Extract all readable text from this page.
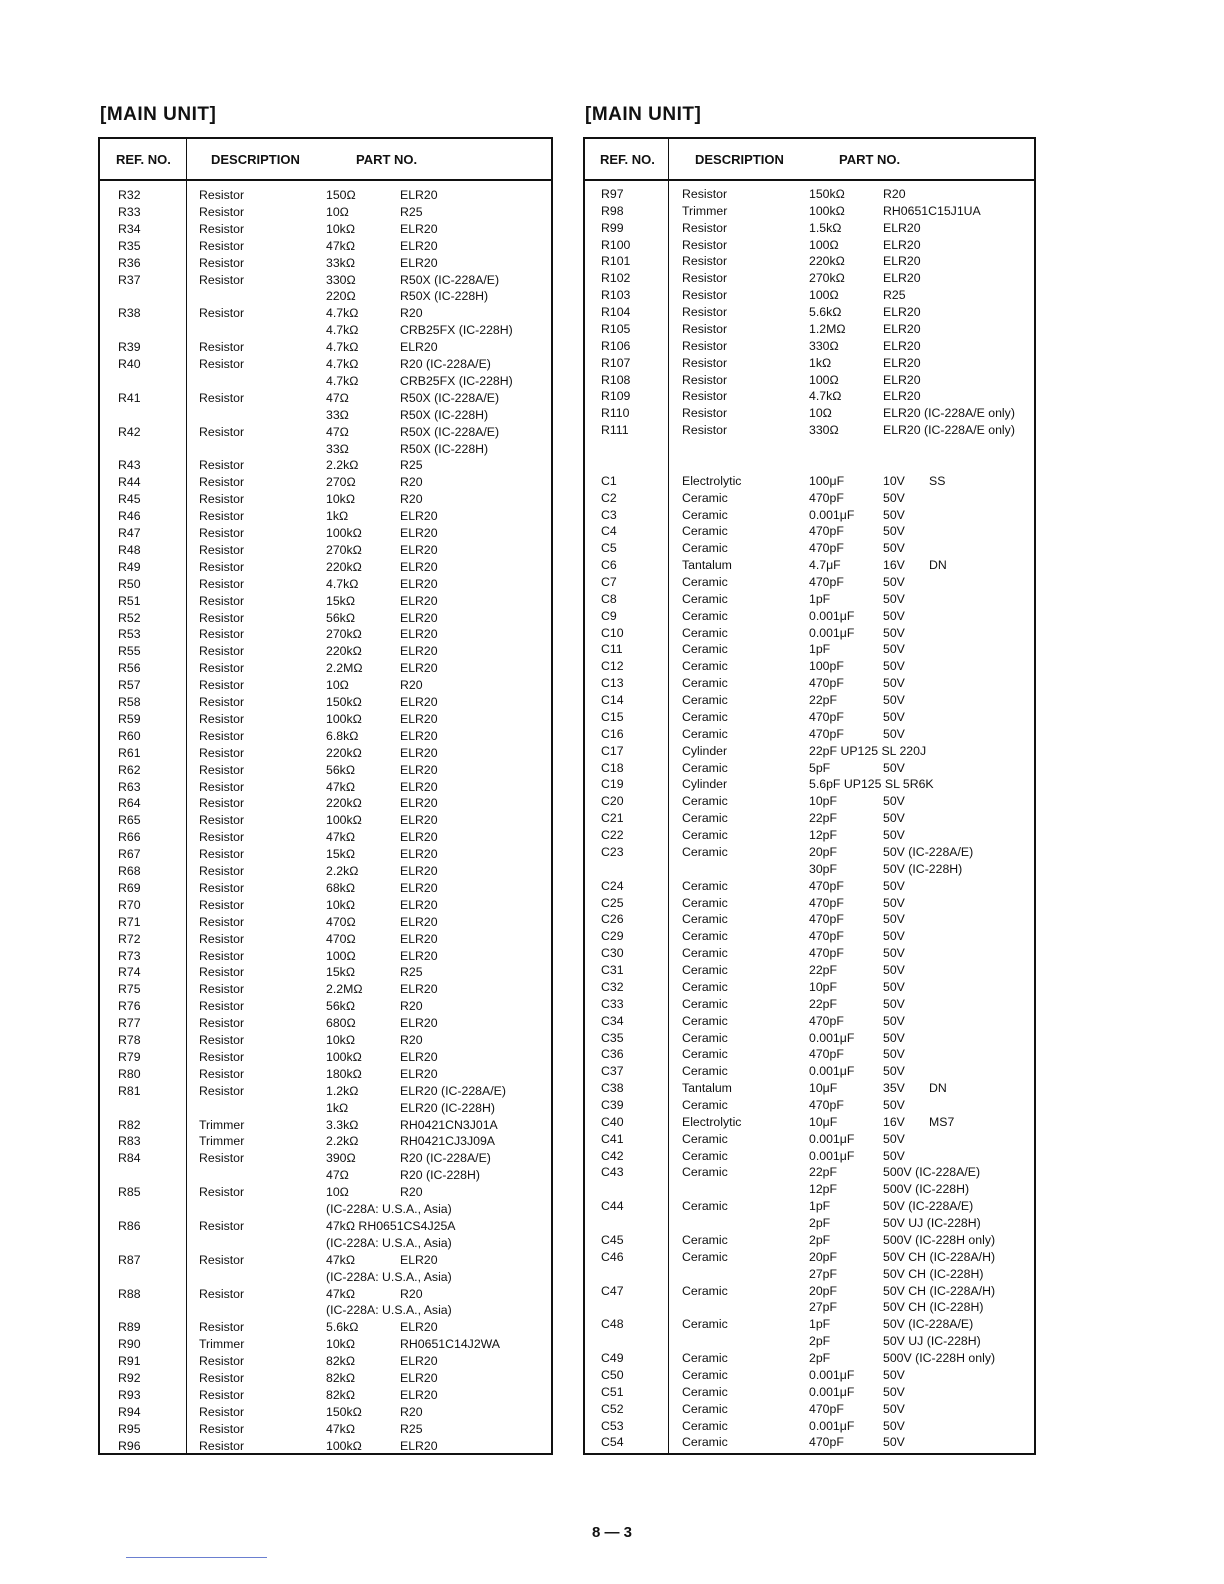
[MAIN UNIT]	[MAIN UNIT]
REF. NO.	DESCRIPTION	PART NO.
R32	Resistor	150Ω	ELR20
R33	Resistor	10Ω	R25
R34	Resistor	10kΩ	ELR20
R35	Resistor	47kΩ	ELR20
R36	Resistor	33kΩ	ELR20
R37	Resistor	330Ω	R50X (IC-228A/E)
220Ω	R50X (IC-228H)
R38	Resistor	4.7kΩ	R20
4.7kΩ	CRB25FX (IC-228H)
R39	Resistor	4.7kΩ	ELR20
R40	Resistor	4.7kΩ	R20 (IC-228A/E)
4.7kΩ	CRB25FX (IC-228H)
R41	Resistor	47Ω	R50X (IC-228A/E)
33Ω	R50X (IC-228H)
R42	Resistor	47Ω	R50X (IC-228A/E)
33Ω	R50X (IC-228H)
R43	Resistor	2.2kΩ	R25
R44	Resistor	270Ω	R20
R45	Resistor	10kΩ	R20
R46	Resistor	1kΩ	ELR20
R47	Resistor	100kΩ	ELR20
R48	Resistor	270kΩ	ELR20
R49	Resistor	220kΩ	ELR20
R50	Resistor	4.7kΩ	ELR20
R51	Resistor	15kΩ	ELR20
R52	Resistor	56kΩ	ELR20
R53	Resistor	270kΩ	ELR20
R55	Resistor	220kΩ	ELR20
R56	Resistor	2.2MΩ	ELR20
R57	Resistor	10Ω	R20
R58	Resistor	150kΩ	ELR20
R59	Resistor	100kΩ	ELR20
R60	Resistor	6.8kΩ	ELR20
R61	Resistor	220kΩ	ELR20
R62	Resistor	56kΩ	ELR20
R63	Resistor	47kΩ	ELR20
R64	Resistor	220kΩ	ELR20
R65	Resistor	100kΩ	ELR20
R66	Resistor	47kΩ	ELR20
R67	Resistor	15kΩ	ELR20
R68	Resistor	2.2kΩ	ELR20
R69	Resistor	68kΩ	ELR20
R70	Resistor	10kΩ	ELR20
R71	Resistor	470Ω	ELR20
R72	Resistor	470Ω	ELR20
R73	Resistor	100Ω	ELR20
R74	Resistor	15kΩ	R25
R75	Resistor	2.2MΩ	ELR20
R76	Resistor	56kΩ	R20
R77	Resistor	680Ω	ELR20
R78	Resistor	10kΩ	R20
R79	Resistor	100kΩ	ELR20
R80	Resistor	180kΩ	ELR20
R81	Resistor	1.2kΩ	ELR20 (IC-228A/E)
1kΩ	ELR20 (IC-228H)
R82	Trimmer	3.3kΩ	RH0421CN3J01A
R83	Trimmer	2.2kΩ	RH0421CJ3J09A
R84	Resistor	390Ω	R20 (IC-228A/E)
47Ω	R20 (IC-228H)
R85	Resistor	10Ω	R20
(IC-228A: U.S.A., Asia)
R86	Resistor	47kΩ RH0651CS4J25A
(IC-228A: U.S.A., Asia)
R87	Resistor	47kΩ	ELR20
(IC-228A: U.S.A., Asia)
R88	Resistor	47kΩ	R20
(IC-228A: U.S.A., Asia)
R89	Resistor	5.6kΩ	ELR20
R90	Trimmer	10kΩ	RH0651C14J2WA
R91	Resistor	82kΩ	ELR20
R92	Resistor	82kΩ	ELR20
R93	Resistor	82kΩ	ELR20
R94	Resistor	150kΩ	R20
R95	Resistor	47kΩ	R25
R96	Resistor	100kΩ	ELR20
REF. NO.	DESCRIPTION	PART NO.
R97	Resistor	150kΩ	R20
R98	Trimmer	100kΩ	RH0651C15J1UA
R99	Resistor	1.5kΩ	ELR20
R100	Resistor	100Ω	ELR20
R101	Resistor	220kΩ	ELR20
R102	Resistor	270kΩ	ELR20
R103	Resistor	100Ω	R25
R104	Resistor	5.6kΩ	ELR20
R105	Resistor	1.2MΩ	ELR20
R106	Resistor	330Ω	ELR20
R107	Resistor	1kΩ	ELR20
R108	Resistor	100Ω	ELR20
R109	Resistor	4.7kΩ	ELR20
R110	Resistor	10Ω	ELR20 (IC-228A/E only)
R111	Resistor	330Ω	ELR20 (IC-228A/E only)
C1	Electrolytic	100μF	10V SS
C2	Ceramic	470pF	50V
C3	Ceramic	0.001μF 50V
C4	Ceramic	470pF	50V
C5	Ceramic	470pF	50V
C6	Tantalum	4.7μF	16V DN
C7	Ceramic	470pF	50V
C8	Ceramic	1pF	50V
C9	Ceramic	0.001μF 50V
C10	Ceramic	0.001μF 50V
C11	Ceramic	1pF	50V
C12	Ceramic	100pF	50V
C13	Ceramic	470pF	50V
C14	Ceramic	22pF	50V
C15	Ceramic	470pF	50V
C16	Ceramic	470pF	50V
C17	Cylinder	22pF UP125 SL 220J
C18	Ceramic	5pF	50V
C19	Cylinder	5.6pF UP125 SL 5R6K
C20	Ceramic	10pF	50V
C21	Ceramic	22pF	50V
C22	Ceramic	12pF	50V
C23	Ceramic	20pF	50V (IC-228A/E)
30pF	50V (IC-228H)
C24	Ceramic	470pF	50V
C25	Ceramic	470pF	50V
C26	Ceramic	470pF	50V
C29	Ceramic	470pF	50V
C30	Ceramic	470pF	50V
C31	Ceramic	22pF	50V
C32	Ceramic	10pF	50V
C33	Ceramic	22pF	50V
C34	Ceramic	470pF	50V
C35	Ceramic	0.001μF 50V
C36	Ceramic	470pF	50V
C37	Ceramic	0.001μF 50V
C38	Tantalum	10μF	35V DN
C39	Ceramic	470pF	50V
C40	Electrolytic	10μF	16V MS7
C41	Ceramic	0.001μF 50V
C42	Ceramic	0.001μF 50V
C43	Ceramic	22pF	500V (IC-228A/E)
12pF	500V (IC-228H)
C44	Ceramic	1pF	50V (IC-228A/E)
2pF	50V UJ (IC-228H)
C45	Ceramic	2pF	500V (IC-228H only)
C46	Ceramic	20pF	50V CH (IC-228A/H)
27pF	50V CH (IC-228H)
C47	Ceramic	20pF	50V CH (IC-228A/H)
27pF	50V CH (IC-228H)
C48	Ceramic	1pF	50V (IC-228A/E)
2pF	50V UJ (IC-228H)
C49	Ceramic	2pF	500V (IC-228H only)
C50	Ceramic	0.001μF 50V
C51	Ceramic	0.001μF 50V
C52	Ceramic	470pF	50V
C53	Ceramic	0.001μF 50V
C54	Ceramic	470pF	50V
8 — 3
